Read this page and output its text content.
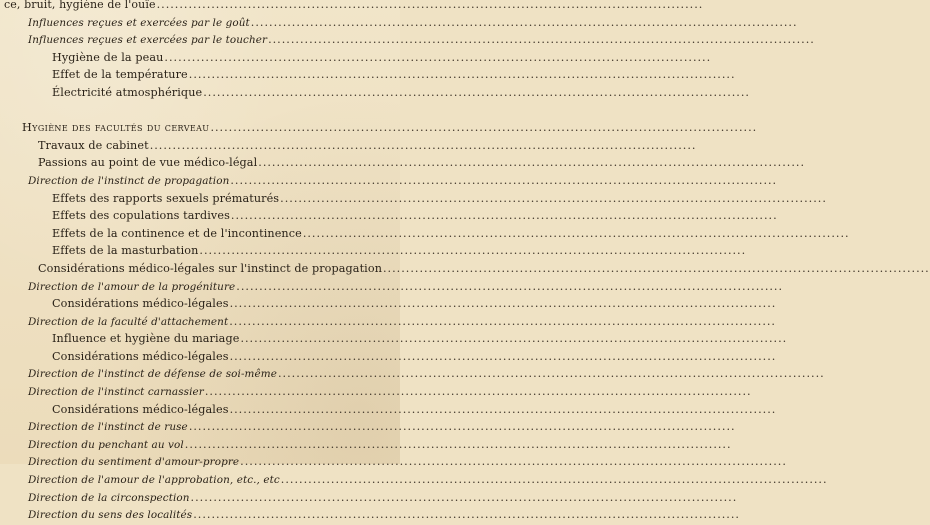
ce, bruit, hygiène de l'ouïe........................................................................................................................
Influences reçues et exercées par le goût........................................................................................................................
Influences reçues et exercées par le toucher........................................................................................................................
Hygiène de la peau........................................................................................................................
Effet de la température........................................................................................................................
Électricité atmosphérique........................................................................................................................
Hygiène des facultés du cerveau........................................................................................................................
Travaux de cabinet........................................................................................................................
Passions au point de vue médico-légal........................................................................................................................
Direction de l'instinct de propagation........................................................................................................................
Effets des rapports sexuels prématurés........................................................................................................................
Effets des copulations tardives........................................................................................................................
Effets de la continence et de l'incontinence........................................................................................................................
Effets de la masturbation........................................................................................................................
Considérations médico-légales sur l'instinct de propagation........................................................................................................................
Direction de l'amour de la progéniture........................................................................................................................
Considérations médico-légales........................................................................................................................
Direction de la faculté d'attachement........................................................................................................................
Influence et hygiène du mariage........................................................................................................................
Considérations médico-légales........................................................................................................................
Direction de l'instinct de défense de soi-même........................................................................................................................
Direction de l'instinct carnassier........................................................................................................................
Considérations médico-légales........................................................................................................................
Direction de l'instinct de ruse........................................................................................................................
Direction du penchant au vol........................................................................................................................
Direction du sentiment d'amour-propre........................................................................................................................
Direction de l'amour de l'approbation, etc., etc........................................................................................................................
Direction de la circonspection........................................................................................................................
Direction du sens des localités........................................................................................................................
